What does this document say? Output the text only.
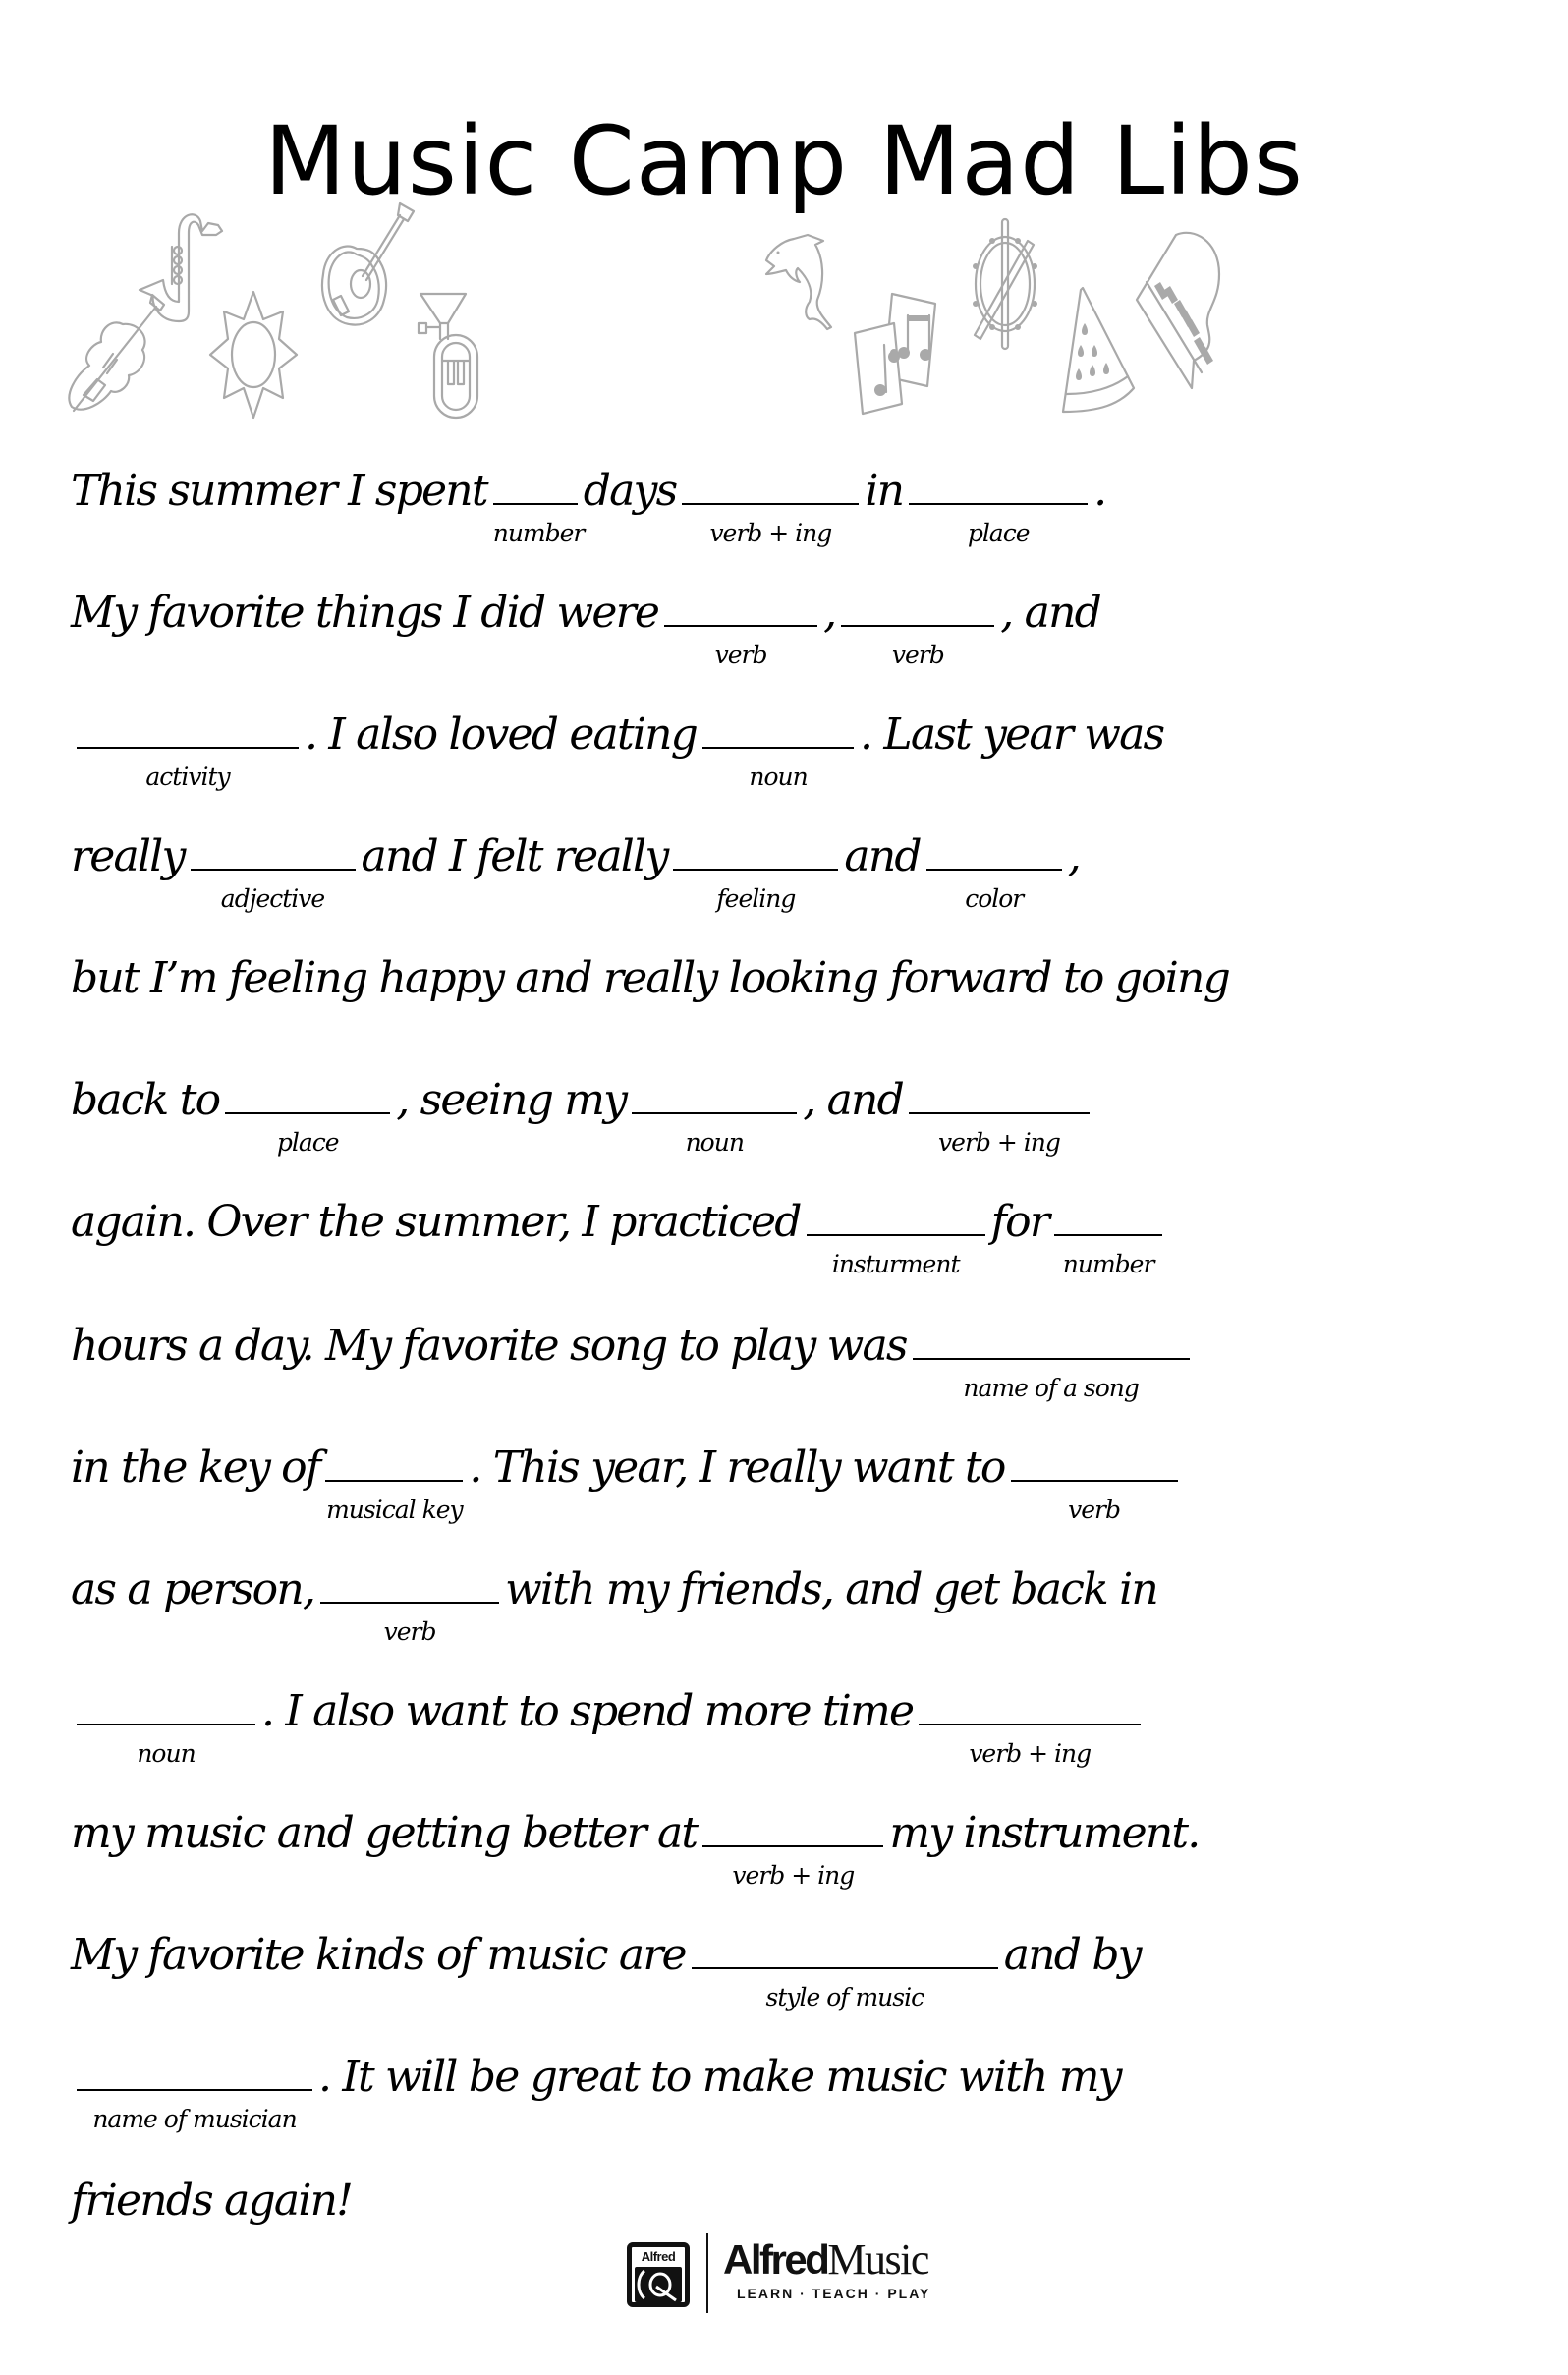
Music Camp Mad Libs
This summer I spent
number
days
verb + ing
in
place
.
My favorite things I did were
verb
,
verb
, and
activity
. I also loved eating
noun
. Last year was
really
adjective
and I felt really
feeling
and
color
,
but I’m feeling happy and really looking forward to going
back to
place
, seeing my
noun
, and
verb + ing
again. Over the summer, I practiced
insturment
for
number
hours a day. My favorite song to play was
name of a song
in the key of
musical key
. This year, I really want to
verb
as a person,
verb
with my friends, and get back in
noun
. I also want to spend more time
verb + ing
my music and getting better at
verb + ing
my instrument.
My favorite kinds of music are
style of music
and by
name of musician
. It will be great to make music with my
friends again!
Alfred AlfredMusic
LEARN · TEACH · PLAY
